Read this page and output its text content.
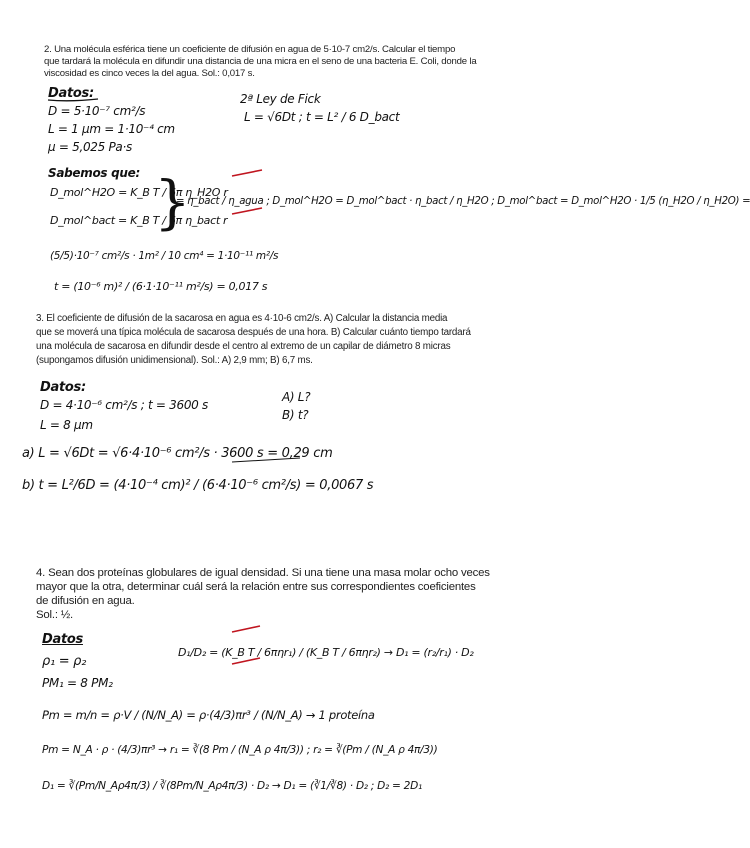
2. Una molécula esférica tiene un coeficiente de difusión en agua de 5·10-7 cm2/s. Calcular el tiempo
que tardará la molécula en difundir una distancia de una micra en el seno de una bacteria E. Coli, donde la
viscosidad es cinco veces la del agua. Sol.: 0,017 s.
Datos:
D = 5·10⁻⁷ cm²/s
L = 1 μm = 1·10⁻⁴ cm
μ = 5,025 Pa·s
2ª Ley de Fick
L = √6Dt ; t = L² / 6 D_bact
Sabemos que:
D_mol^H2O = K_B T / 6π η_H2O r
D_mol^bact = K_B T / 6π η_bact r
}
= η_bact / η_agua ; D_mol^H2O = D_mol^bact · η_bact / η_H2O ; D_mol^bact = D_mol^H2O · 1/5 (η_H2O / η_H2O) =
(5/5)·10⁻⁷ cm²/s · 1m² / 10 cm⁴ = 1·10⁻¹¹ m²/s
t = (10⁻⁶ m)² / (6·1·10⁻¹¹ m²/s) = 0,017 s
3. El coeficiente de difusión de la sacarosa en agua es 4·10-6 cm2/s. A) Calcular la distancia media
que se moverá una típica molécula de sacarosa después de una hora. B) Calcular cuánto tiempo tardará
una molécula de sacarosa en difundir desde el centro al extremo de un capilar de diámetro 8 micras
(supongamos difusión unidimensional). Sol.: A) 2,9 mm; B) 6,7 ms.
Datos:
D = 4·10⁻⁶ cm²/s ; t = 3600 s
L = 8 μm
A) L?
B) t?
a) L = √6Dt = √6·4·10⁻⁶ cm²/s · 3600 s = 0,29 cm
b) t = L²/6D = (4·10⁻⁴ cm)² / (6·4·10⁻⁶ cm²/s) = 0,0067 s
4. Sean dos proteínas globulares de igual densidad. Si una tiene una masa molar ocho veces
mayor que la otra, determinar cuál será la relación entre sus correspondientes coeficientes
de difusión en agua.
Sol.: ½.
Datos
ρ₁ = ρ₂
PM₁ = 8 PM₂
D₁/D₂ = (K_B T / 6πηr₁) / (K_B T / 6πηr₂) → D₁ = (r₂/r₁) · D₂
Pm = m/n = ρ·V / (N/N_A) = ρ·(4/3)πr³ / (N/N_A) → 1 proteína
Pm = N_A · ρ · (4/3)πr³ → r₁ = ∛(8 Pm / (N_A ρ 4π/3)) ; r₂ = ∛(Pm / (N_A ρ 4π/3))
D₁ = ∛(Pm/N_Aρ4π/3) / ∛(8Pm/N_Aρ4π/3) · D₂ → D₁ = (∛1/∛8) · D₂ ; D₂ = 2D₁
